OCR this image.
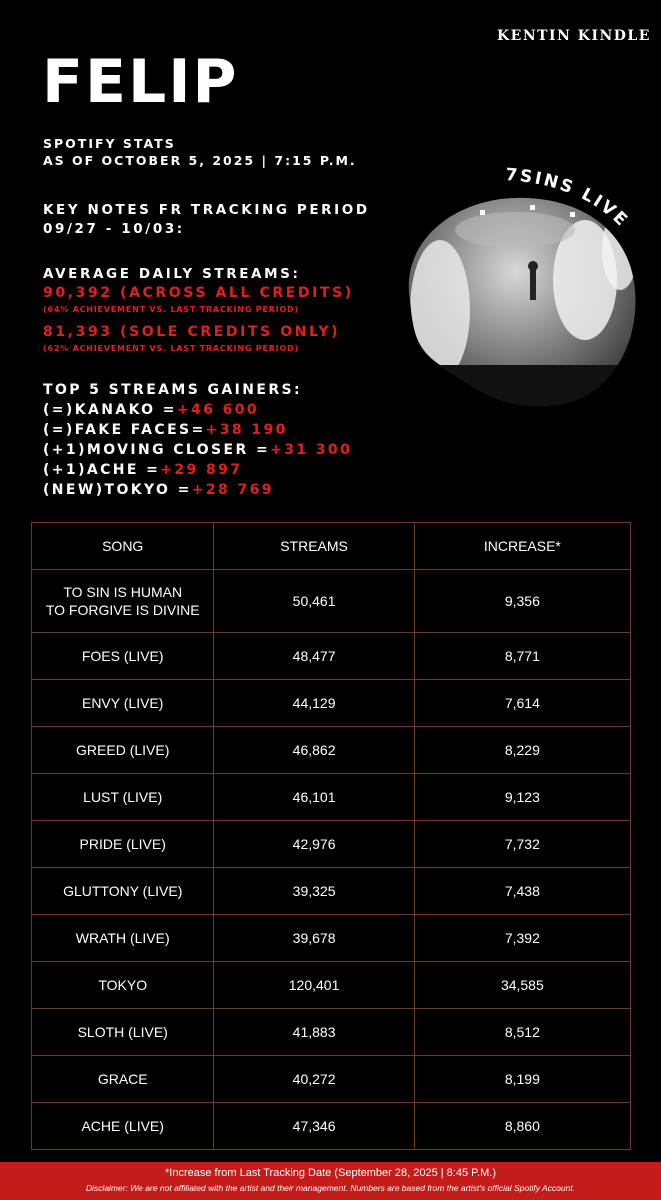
KENTIN KINDLE
FELIP
SPOTIFY STATS
AS OF OCTOBER 5, 2025 | 7:15 P.M.
KEY NOTES FR TRACKING PERIOD
09/27 - 10/03:
AVERAGE DAILY STREAMS:
90,392 (ACROSS ALL CREDITS)
(64% ACHIEVEMENT VS. LAST TRACKING PERIOD)
81,393 (SOLE CREDITS ONLY)
(62% ACHIEVEMENT VS. LAST TRACKING PERIOD)
TOP 5 STREAMS GAINERS:
(=)KANAKO =+46 600
(=)FAKE FACES=+38 190
(+1)MOVING CLOSER =+31 300
(+1)ACHE =+29 897
(NEW)TOKYO =+28 769
7SINS LIVE
SONG	STREAMS	INCREASE*
TO SIN IS HUMAN
TO FORGIVE IS DIVINE	50,461	9,356
FOES (LIVE)	48,477	8,771
ENVY (LIVE)	44,129	7,614
GREED (LIVE)	46,862	8,229
LUST (LIVE)	46,101	9,123
PRIDE (LIVE)	42,976	7,732
GLUTTONY (LIVE)	39,325	7,438
WRATH (LIVE)	39,678	7,392
TOKYO	120,401	34,585
SLOTH (LIVE)	41,883	8,512
GRACE	40,272	8,199
ACHE (LIVE)	47,346	8,860
*Increase from Last Tracking Date (September 28, 2025 | 8:45 P.M.)
Disclaimer: We are not affiliated with the artist and their management. Numbers are based from the artist's official Spotify Account.
